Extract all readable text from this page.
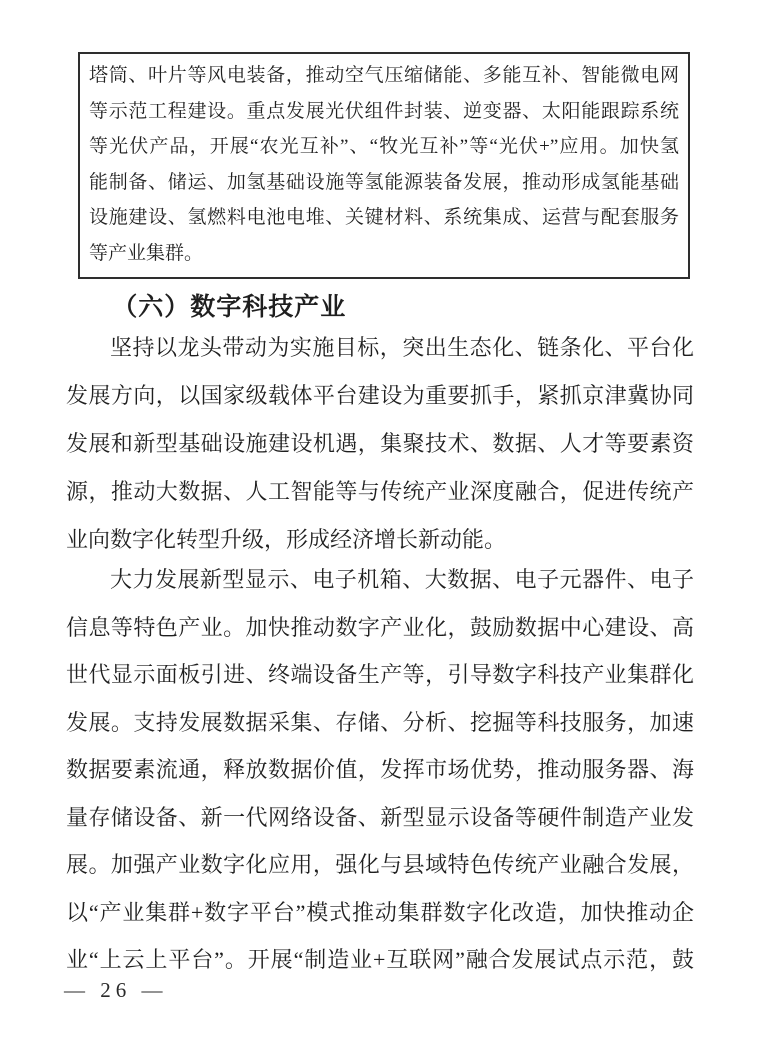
塔筒、叶片等风电装备，推动空气压缩储能、多能互补、智能微电网
等示范工程建设。重点发展光伏组件封装、逆变器、太阳能跟踪系统
等光伏产品，开展“农光互补”、“牧光互补”等“光伏+”应用。加快氢
能制备、储运、加氢基础设施等氢能源装备发展，推动形成氢能基础
设施建设、氢燃料电池电堆、关键材料、系统集成、运营与配套服务
等产业集群。
（六）数字科技产业
坚持以龙头带动为实施目标，突出生态化、链条化、平台化
发展方向，以国家级载体平台建设为重要抓手，紧抓京津冀协同
发展和新型基础设施建设机遇，集聚技术、数据、人才等要素资
源，推动大数据、人工智能等与传统产业深度融合，促进传统产
业向数字化转型升级，形成经济增长新动能。
大力发展新型显示、电子机箱、大数据、电子元器件、电子
信息等特色产业。加快推动数字产业化，鼓励数据中心建设、高
世代显示面板引进、终端设备生产等，引导数字科技产业集群化
发展。支持发展数据采集、存储、分析、挖掘等科技服务，加速
数据要素流通，释放数据价值，发挥市场优势，推动服务器、海
量存储设备、新一代网络设备、新型显示设备等硬件制造产业发
展。加强产业数字化应用，强化与县域特色传统产业融合发展，
以“产业集群+数字平台”模式推动集群数字化改造，加快推动企
业“上云上平台”。开展“制造业+互联网”融合发展试点示范，鼓
— 26 —
